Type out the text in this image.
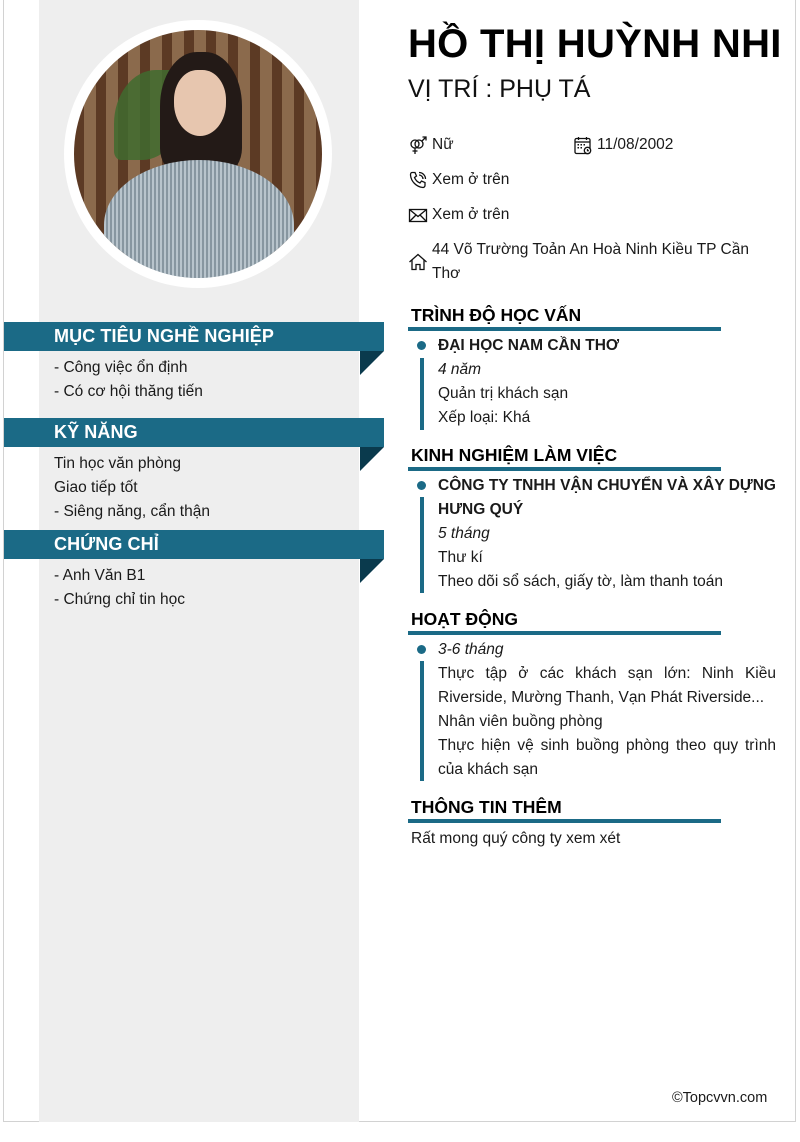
MỤC TIÊU NGHỀ NGHIỆP
- Công việc ổn định
- Có cơ hội thăng tiến
KỸ NĂNG
Tin học văn phòng
Giao tiếp tốt
- Siêng năng, cẩn thận
CHỨNG CHỈ
- Anh Văn B1
- Chứng chỉ tin học
HỒ THỊ HUỲNH NHI
VỊ TRÍ : PHỤ TÁ
Nữ	11/08/2002
Xem ở trên
Xem ở trên
44 Võ Trường Toản An Hoà Ninh Kiều TP Cần
Thơ
TRÌNH ĐỘ HỌC VẤN
ĐẠI HỌC NAM CẦN THƠ
4 năm
Quản trị khách sạn
Xếp loại: Khá
KINH NGHIỆM LÀM VIỆC
CÔNG TY TNHH VẬN CHUYỂN VÀ XÂY DỰNG
HƯNG QUÝ
5 tháng
Thư kí
Theo dõi sổ sách, giấy tờ, làm thanh toán
HOẠT ĐỘNG
3-6 tháng
Thực tập ở các khách sạn lớn: Ninh Kiều Riverside, Mường Thanh, Vạn Phát Riverside...
Nhân viên buồng phòng
Thực hiện vệ sinh buồng phòng theo quy trình của khách sạn
THÔNG TIN THÊM
Rất mong quý công ty xem xét
©Topcvvn.com
